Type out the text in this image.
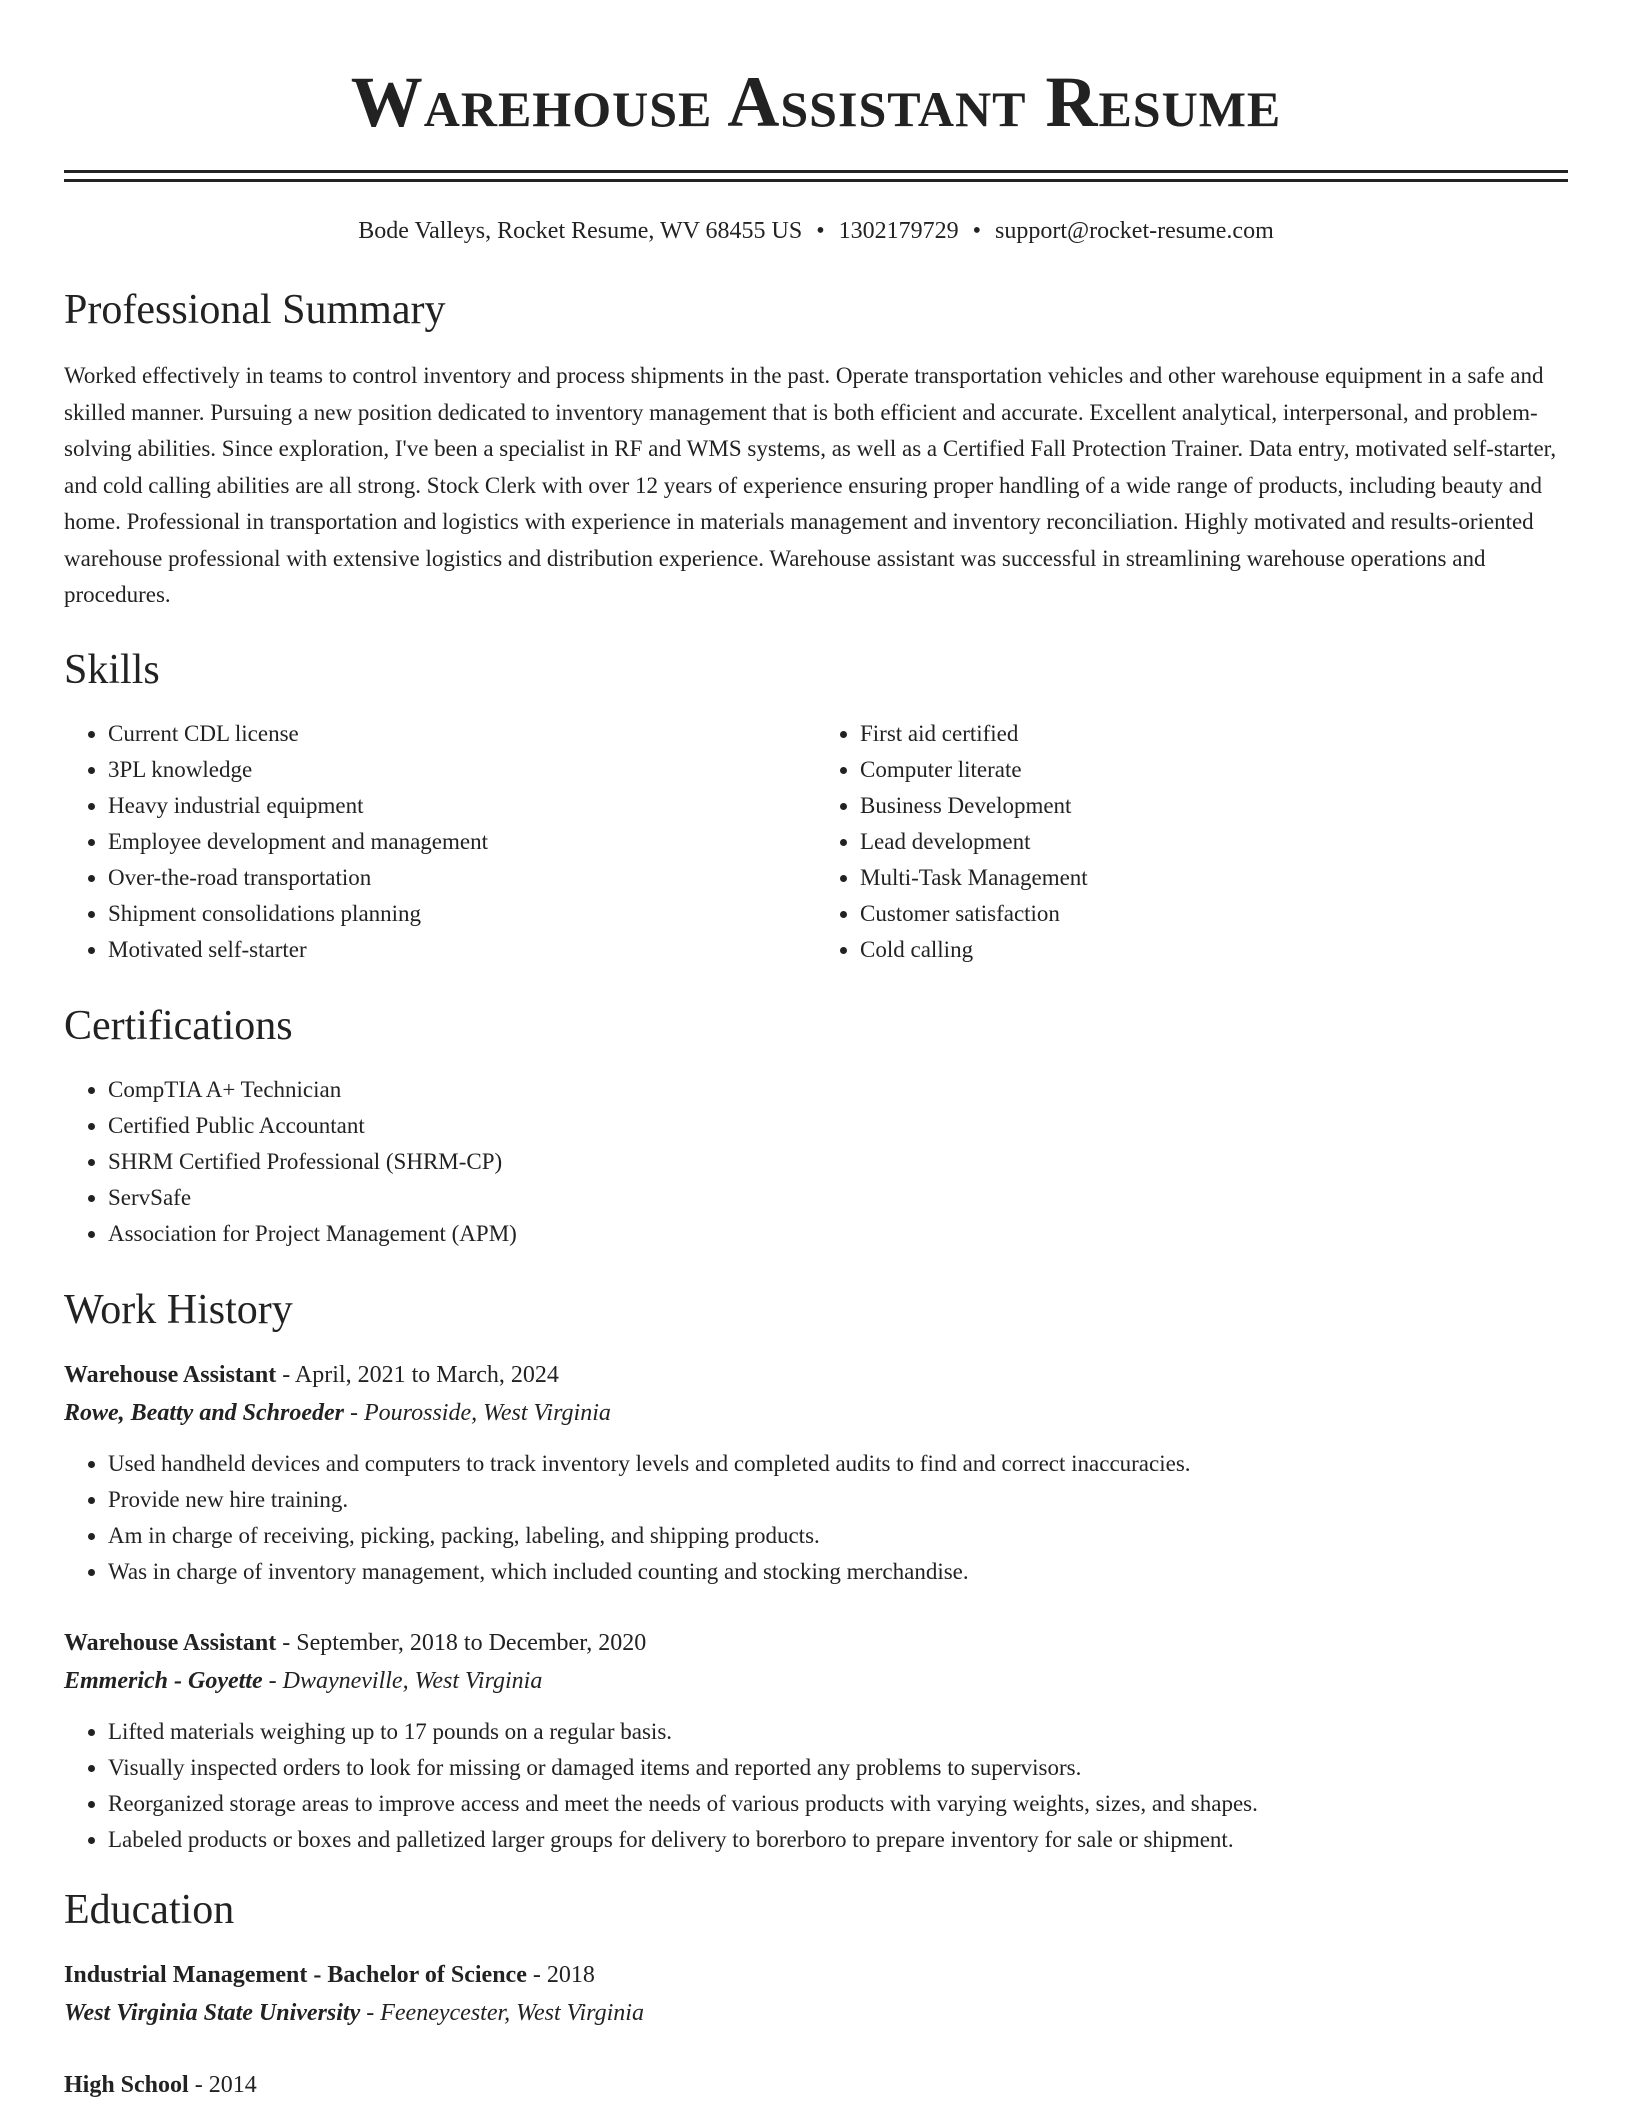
Warehouse Assistant Resume
Bode Valleys, Rocket Resume, WV 68455 US • 1302179729 • support@rocket-resume.com
Professional Summary

Worked effectively in teams to control inventory and process shipments in the past. Operate transportation vehicles and other warehouse equipment in a safe and skilled manner. Pursuing a new position dedicated to inventory management that is both efficient and accurate. Excellent analytical, interpersonal, and problem-solving abilities. Since exploration, I've been a specialist in RF and WMS systems, as well as a Certified Fall Protection Trainer. Data entry, motivated self-starter, and cold calling abilities are all strong. Stock Clerk with over 12 years of experience ensuring proper handling of a wide range of products, including beauty and home. Professional in transportation and logistics with experience in materials management and inventory reconciliation. Highly motivated and results-oriented warehouse professional with extensive logistics and distribution experience. Warehouse assistant was successful in streamlining warehouse operations and procedures.

Skills
• Current CDL license
• 3PL knowledge
• Heavy industrial equipment
• Employee development and management
• Over-the-road transportation
• Shipment consolidations planning
• Motivated self-starter
• First aid certified
• Computer literate
• Business Development
• Lead development
• Multi-Task Management
• Customer satisfaction
• Cold calling
Certifications
• CompTIA A+ Technician
• Certified Public Accountant
• SHRM Certified Professional (SHRM-CP)
• ServSafe
• Association for Project Management (APM)
Work History
Warehouse Assistant - April, 2021 to March, 2024
Rowe, Beatty and Schroeder - Pourosside, West Virginia
• Used handheld devices and computers to track inventory levels and completed audits to find and correct inaccuracies.
• Provide new hire training.
• Am in charge of receiving, picking, packing, labeling, and shipping products.
• Was in charge of inventory management, which included counting and stocking merchandise.
Warehouse Assistant - September, 2018 to December, 2020
Emmerich - Goyette - Dwayneville, West Virginia
• Lifted materials weighing up to 17 pounds on a regular basis.
• Visually inspected orders to look for missing or damaged items and reported any problems to supervisors.
• Reorganized storage areas to improve access and meet the needs of various products with varying weights, sizes, and shapes.
• Labeled products or boxes and palletized larger groups for delivery to borerboro to prepare inventory for sale or shipment.
Education
Industrial Management - Bachelor of Science - 2018
West Virginia State University - Feeneycester, West Virginia
High School - 2014
